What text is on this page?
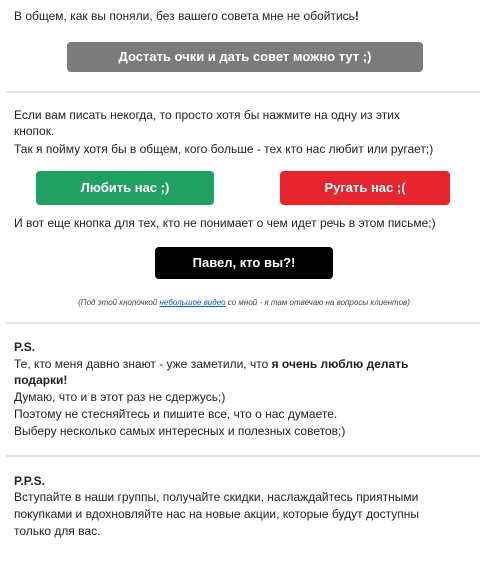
В общем, как вы поняли, без вашего совета мне не обойтись!

Достать очки и дать совет можно тут ;)

Если вам писать некогда, то просто хотя бы нажмите на одну из этих

кнопок.

Так я пойму хотя бы в общем, кого больше - тех кто нас любит или ругает;)

Любить нас ;)	Ругать нас ;(

И вот еще кнопка для тех, кто не понимает о чем идет речь в этом письме;)

Павел, кто вы?!

(Под этой кнопочкой небольшое видео со мной - я там отвечаю на вопросы клиентов)

P.S.

Те, кто меня давно знают - уже заметили, что я очень люблю делать

подарки!

Думаю, что и в этот раз не сдержусь;)

Поэтому не стесняйтесь и пишите все, что о нас думаете.

Выберу несколько самых интересных и полезных советов;)

P.P.S.

Вступайте в наши группы, получайте скидки, наслаждайтесь приятными

покупками и вдохновляйте нас на новые акции, которые будут доступны

только для вас.
